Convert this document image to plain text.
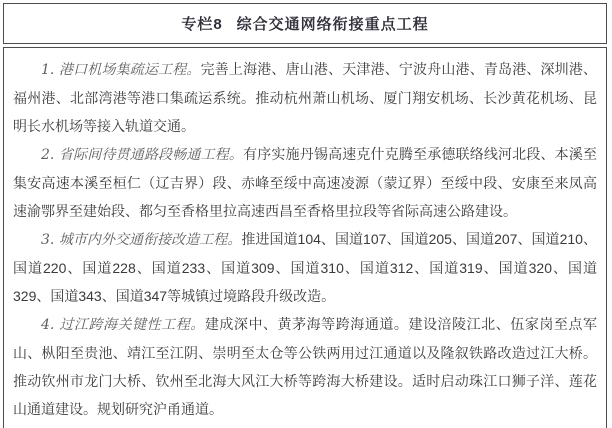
专栏8 综合交通网络衔接重点工程

1. 港口机场集疏运工程。完善上海港、唐山港、天津港、宁波舟山港、青岛港、深圳港、福州港、北部湾港等港口集疏运系统。推动杭州萧山机场、厦门翔安机场、长沙黄花机场、昆明长水机场等接入轨道交通。

2. 省际间待贯通路段畅通工程。有序实施丹锡高速克什克腾至承德联络线河北段、本溪至集安高速本溪至桓仁（辽吉界）段、赤峰至绥中高速凌源（蒙辽界）至绥中段、安康至来凤高速渝鄂界至建始段、都匀至香格里拉高速西昌至香格里拉段等省际高速公路建设。

3. 城市内外交通衔接改造工程。推进国道104、国道107、国道205、国道207、国道210、国道220、国道228、国道233、国道309、国道310、国道312、国道319、国道320、国道329、国道343、国道347等城镇过境路段升级改造。

4. 过江跨海关键性工程。建成深中、黄茅海等跨海通道。建设涪陵江北、伍家岗至点军山、枞阳至贵池、靖江至江阴、崇明至太仓等公铁两用过江通道以及隆叙铁路改造过江大桥。推动钦州市龙门大桥、钦州至北海大风江大桥等跨海大桥建设。适时启动珠江口狮子洋、莲花山通道建设。规划研究沪甬通道。
